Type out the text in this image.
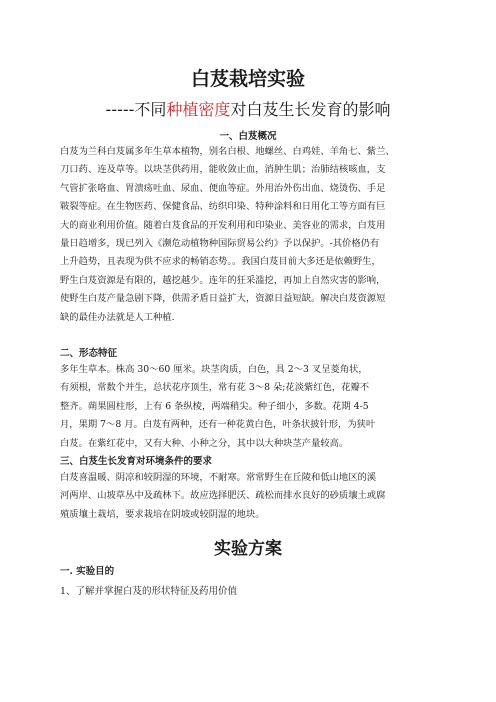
白芨栽培实验
-----不同种植密度对白芨生长发育的影响
一、白芨概况

白芨为兰科白芨属多年生草本植物，别名白根、地螺丝、白鸡娃、羊角七、紫兰、
刀口药、连及草等。以块茎供药用，能收敛止血，消肿生肌；治肺结核咳血，支
气管扩张咯血、胃溃疡吐血、尿血、便血等症。外用治外伤出血、烧烫伤、手足
皲裂等症。在生物医药、保健食品、纺织印染、特种涂料和日用化工等方面有巨
大的商业利用价值。随着白芨食品的开发利用和印染业、美容业的需求，白芨用
量日趋增多，现已列入《濒危动植物种国际贸易公约》予以保护。-其价格仍有
上升趋势，且表现为供不应求的畅销态势。。我国白芨目前大多还是依赖野生，
野生白芨资源是有限的，越挖越少。连年的狂采滥挖，再加上自然灾害的影响，
使野生白芨产量急剧下降，供需矛盾日益扩大，资源日益短缺。解决白芨资源短
缺的最佳办法就是人工种植.

二、形态特征

多年生草本。株高 30～60 厘米。块茎肉质，白色，具 2～3 叉呈菱角状，
有须根，常数个并生，总状花序顶生，常有花 3～8 朵;花淡紫红色，花瓣不
整齐。蒴果圆柱形，上有 6 条纵棱，两端稍尖。种子细小，多数。花期 4-5
月，果期 7～8 月。白芨有两种，还有一种花黄白色，叶条状披针形，为狭叶
白芨。在紫红花中，又有大种、小种之分，其中以大种块茎产量较高。

三、白芨生长发育对环境条件的要求

白芨喜温暖、阴凉和较阴湿的环境，不耐寒。常常野生在丘陵和低山地区的溪
河两岸、山坡草丛中及疏林下。故应选择肥沃、疏松而排水良好的砂质壤土或腐
殖质壤土栽培，要求栽培在阴坡或较阴湿的地块。

实验方案
一. 实验目的
1、了解并掌握白芨的形状特征及药用价值
